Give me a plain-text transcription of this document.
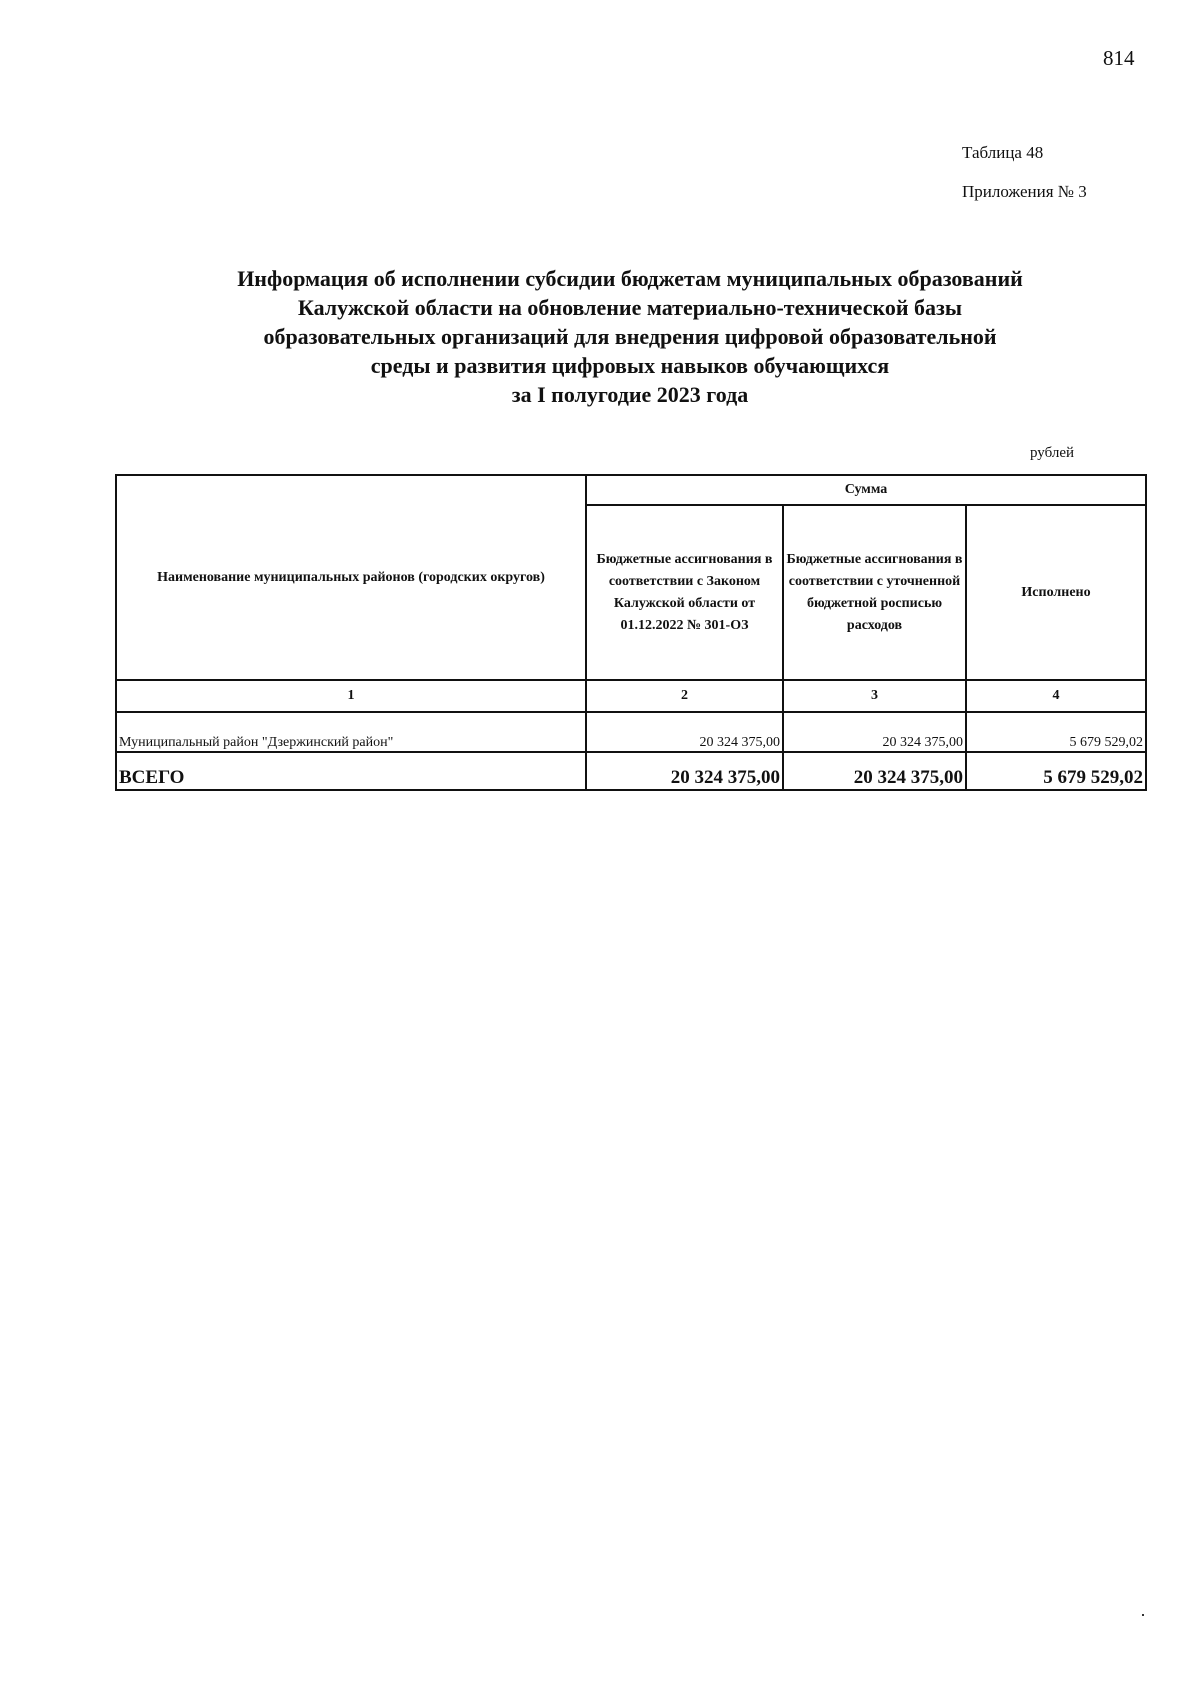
814
Таблица 48
Приложения № 3
Информация об исполнении субсидии бюджетам муниципальных образований
Калужской области на обновление материально-технической базы
образовательных организаций для внедрения цифровой образовательной
среды и развития цифровых навыков обучающихся
за I полугодие 2023 года
рублей
Наименование муниципальных районов (городских округов)	Сумма		
	Бюджетные ассигнования в соответствии с Законом Калужской области от 01.12.2022 № 301-ОЗ	Бюджетные ассигнования в соответствии с уточненной бюджетной росписью расходов	Исполнено
1	2	3	4
Муниципальный район "Дзержинский район"	20 324 375,00	20 324 375,00	5 679 529,02
ВСЕГО	20 324 375,00	20 324 375,00	5 679 529,02
